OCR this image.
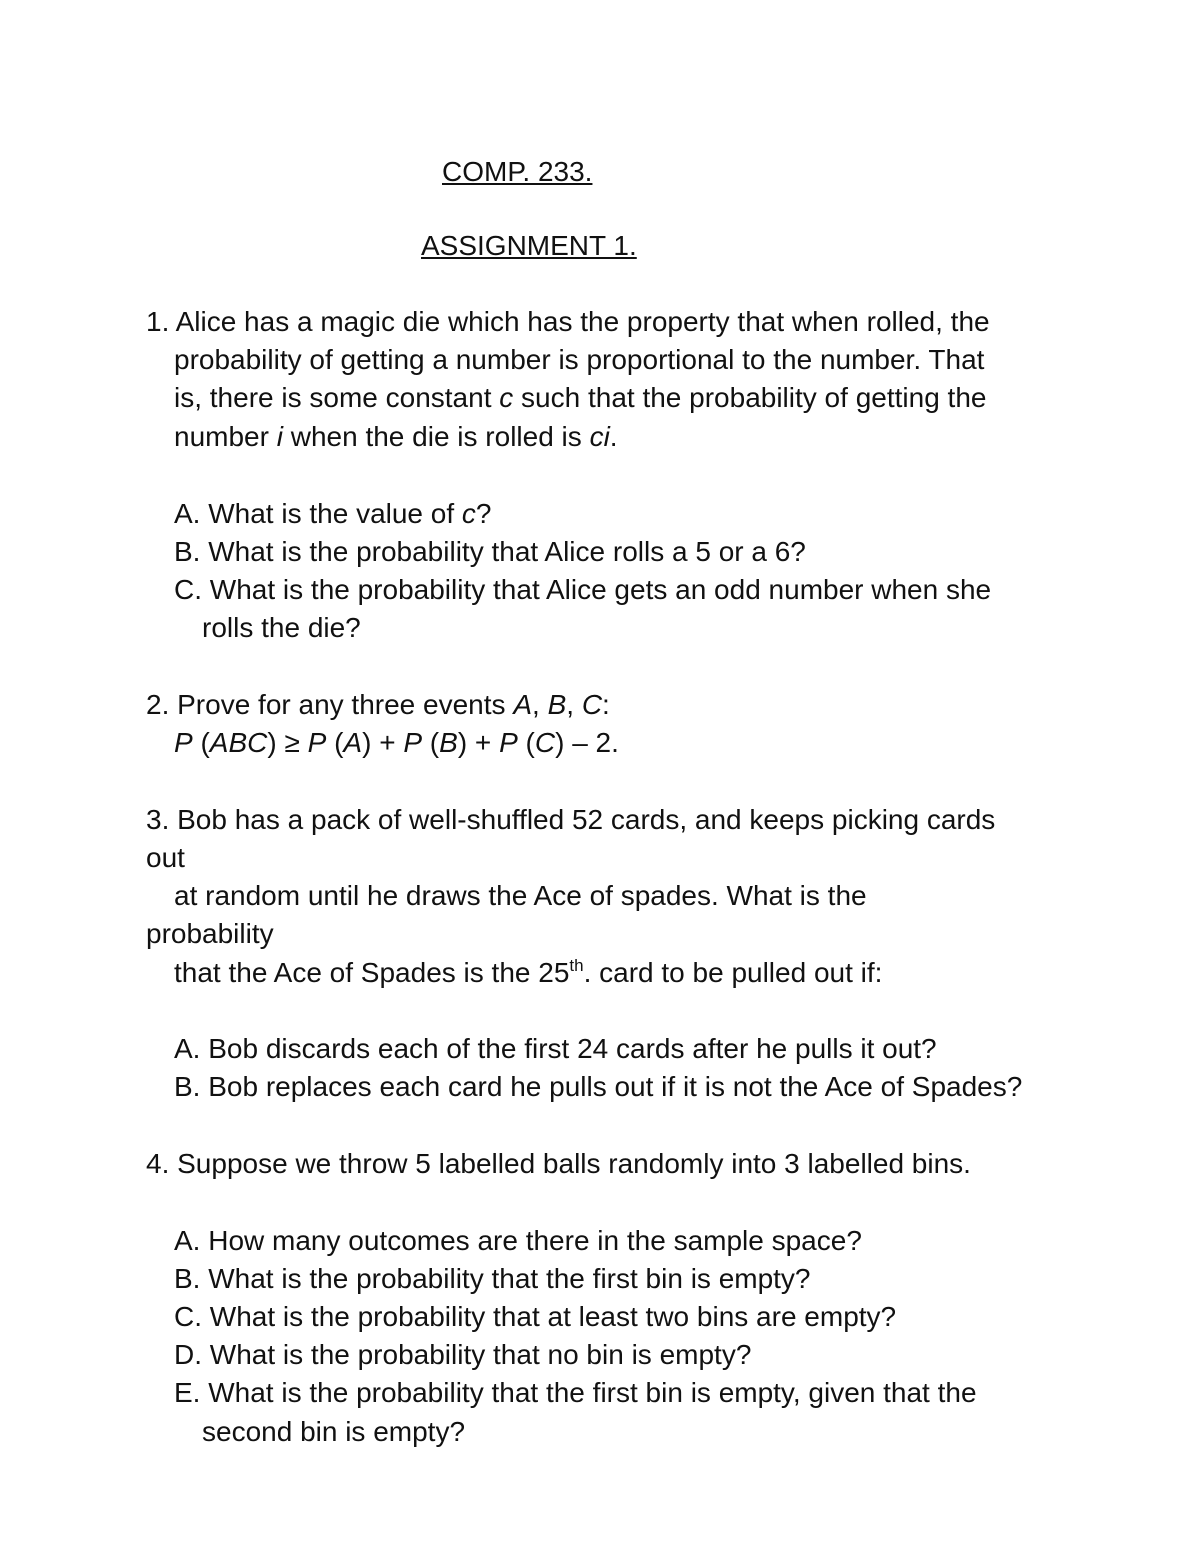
COMP. 233.
ASSIGNMENT 1.
1. Alice has a magic die which has the property that when rolled, the
probability of getting a number is proportional to the number. That
is, there is some constant c such that the probability of getting the
number i when the die is rolled is ci.
A. What is the value of c?
B. What is the probability that Alice rolls a 5 or a 6?
C. What is the probability that Alice gets an odd number when she
rolls the die?
2. Prove for any three events A, B, C:
P (ABC) ≥ P (A) + P (B) + P (C) – 2.
3. Bob has a pack of well-shuffled 52 cards, and keeps picking cards
out
at random until he draws the Ace of spades. What is the
probability
that the Ace of Spades is the 25th. card to be pulled out if:
A. Bob discards each of the first 24 cards after he pulls it out?
B. Bob replaces each card he pulls out if it is not the Ace of Spades?
4. Suppose we throw 5 labelled balls randomly into 3 labelled bins.
A. How many outcomes are there in the sample space?
B. What is the probability that the first bin is empty?
C. What is the probability that at least two bins are empty?
D. What is the probability that no bin is empty?
E. What is the probability that the first bin is empty, given that the
second bin is empty?
